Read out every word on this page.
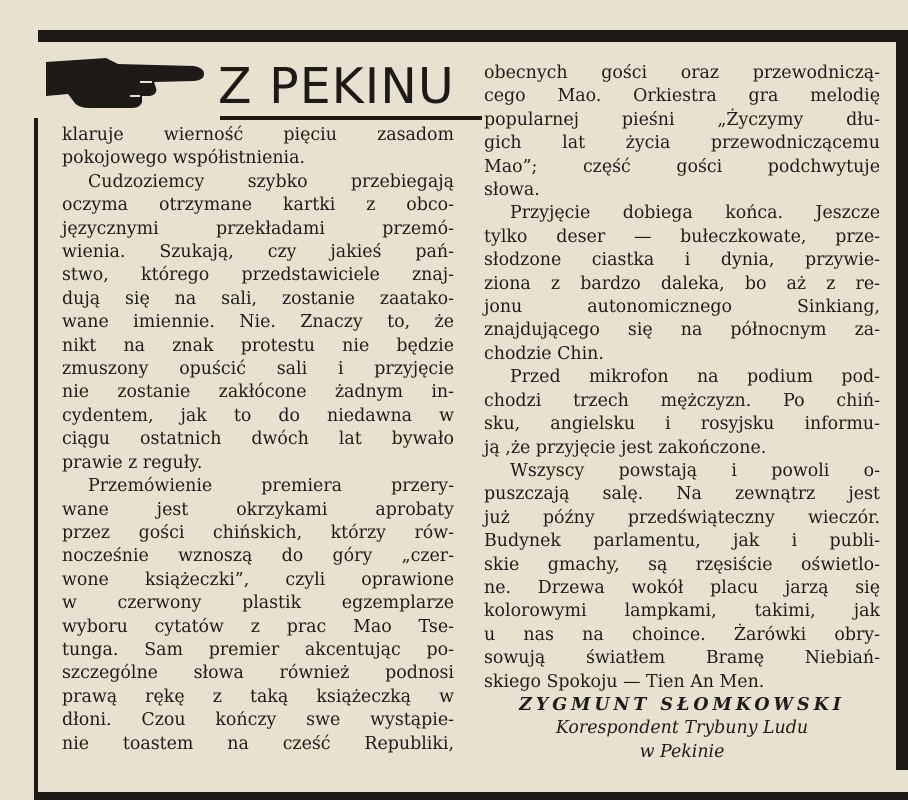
Z PEKINU
klaruje wierność pięciu zasadom
pokojowego współistnienia.
Cudzoziemcy szybko przebiegają
oczyma otrzymane kartki z obco-
języcznymi przekładami przemó-
wienia. Szukają, czy jakieś pań-
stwo, którego przedstawiciele znaj-
dują się na sali, zostanie zaatako-
wane imiennie. Nie. Znaczy to, że
nikt na znak protestu nie będzie
zmuszony opuścić sali i przyjęcie
nie zostanie zakłócone żadnym in-
cydentem, jak to do niedawna w
ciągu ostatnich dwóch lat bywało
prawie z reguły.
Przemówienie premiera przery-
wane jest okrzykami aprobaty
przez gości chińskich, którzy rów-
nocześnie wznoszą do góry „czer-
wone książeczki”, czyli oprawione
w czerwony plastik egzemplarze
wyboru cytatów z prac Mao Tse-
tunga. Sam premier akcentując po-
szczególne słowa również podnosi
prawą rękę z taką książeczką w
dłoni. Czou kończy swe wystąpie-
nie toastem na cześć Republiki,
obecnych gości oraz przewodniczą-
cego Mao. Orkiestra gra melodię
popularnej pieśni „Życzymy dłu-
gich lat życia przewodniczącemu
Mao”; część gości podchwytuje
słowa.
Przyjęcie dobiega końca. Jeszcze
tylko deser — bułeczkowate, prze-
słodzone ciastka i dynia, przywie-
ziona z bardzo daleka, bo aż z re-
jonu autonomicznego Sinkiang,
znajdującego się na północnym za-
chodzie Chin.
Przed mikrofon na podium pod-
chodzi trzech mężczyzn. Po chiń-
sku, angielsku i rosyjsku informu-
ją ,że przyjęcie jest zakończone.
Wszyscy powstają i powoli o-
puszczają salę. Na zewnątrz jest
już późny przedświąteczny wieczór.
Budynek parlamentu, jak i publi-
skie gmachy, są rzęsiście oświetlo-
ne. Drzewa wokół placu jarzą się
kolorowymi lampkami, takimi, jak
u nas na choince. Żarówki obry-
sowują światłem Bramę Niebiań-
skiego Spokoju — Tien An Men.
ZYGMUNT SŁOMKOWSKI
Korespondent Trybuny Ludu
w Pekinie
